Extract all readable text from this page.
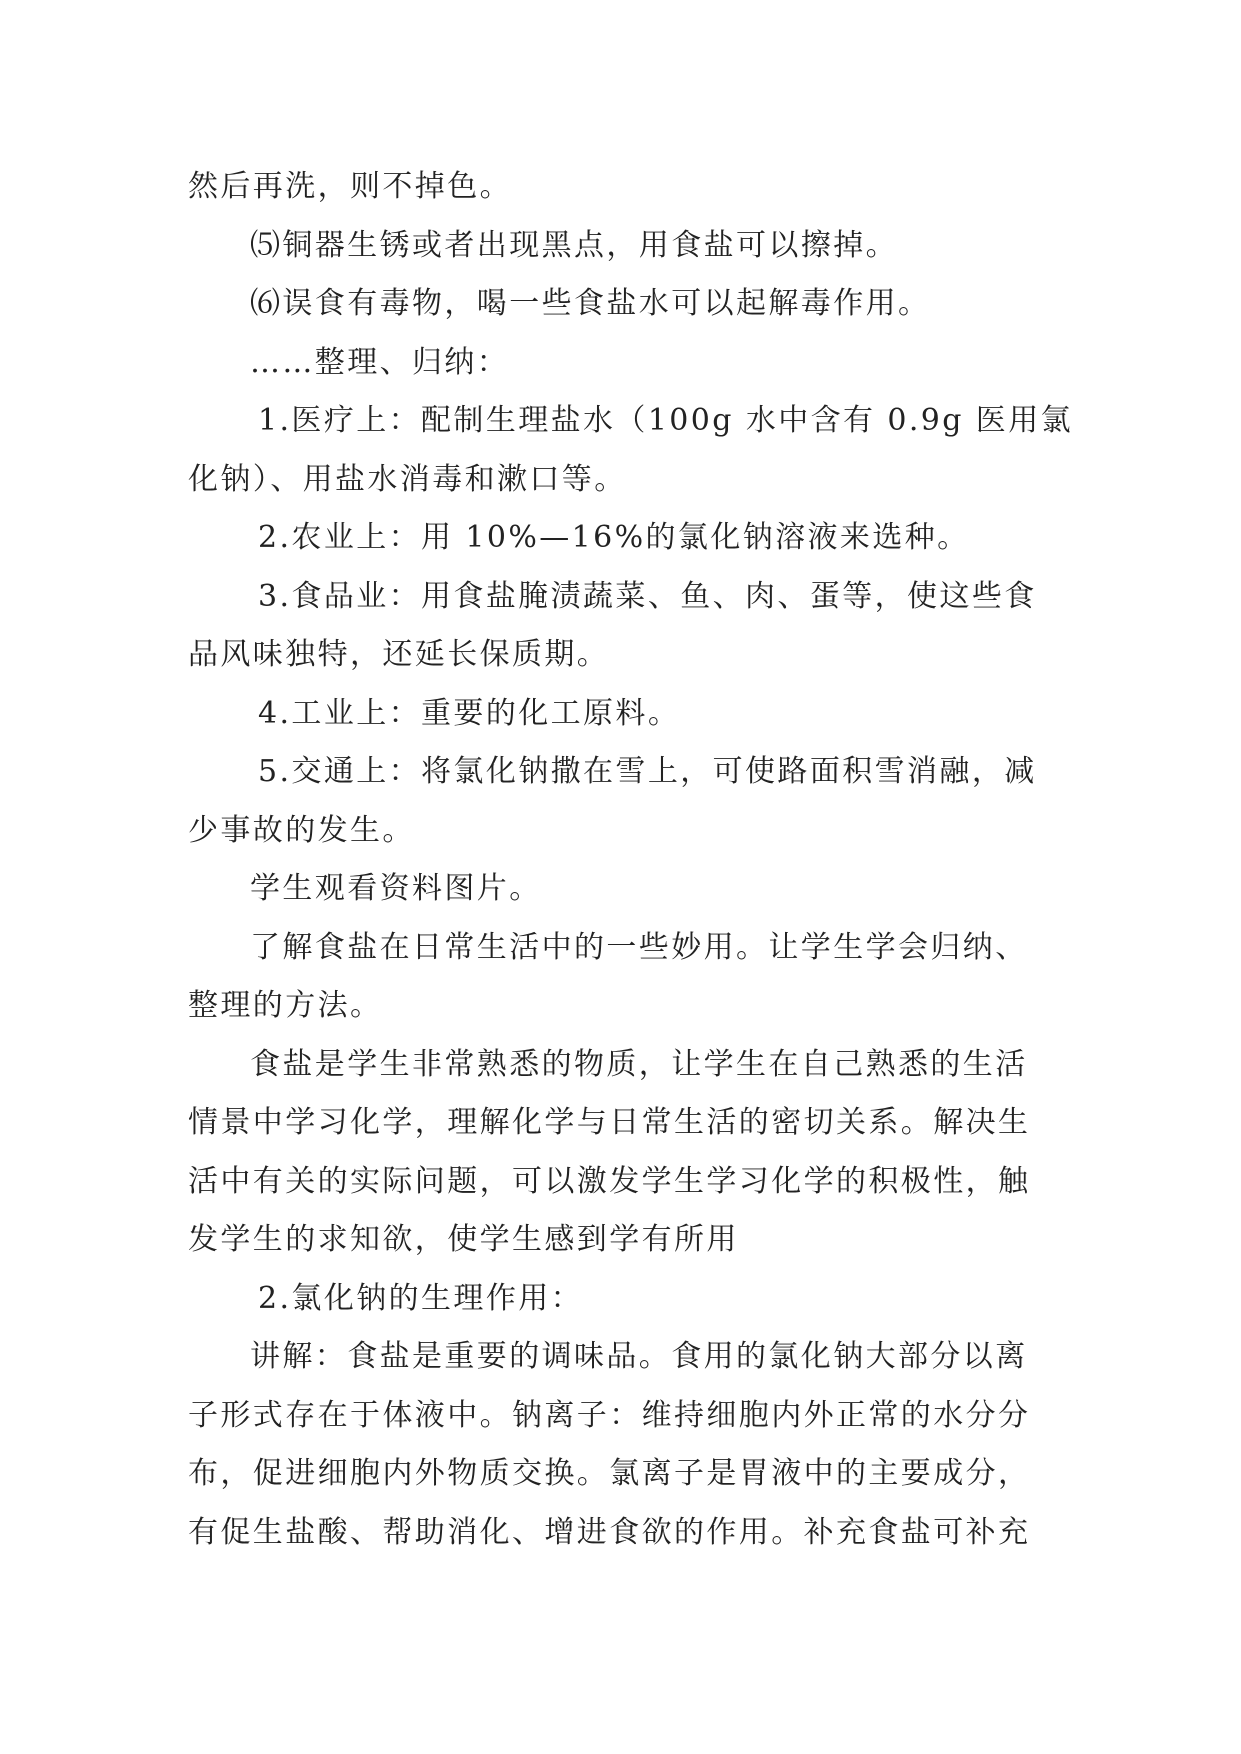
然后再洗，则不掉色。
⑸铜器生锈或者出现黑点，用食盐可以擦掉。
⑹误食有毒物，喝一些食盐水可以起解毒作用。
……整理、归纳：
1.医疗上：配制生理盐水（100g 水中含有 0.9g 医用氯
化钠）、用盐水消毒和漱口等。
2.农业上：用 10%—16%的氯化钠溶液来选种。
3.食品业：用食盐腌渍蔬菜、鱼、肉、蛋等，使这些食
品风味独特，还延长保质期。
4.工业上：重要的化工原料。
5.交通上：将氯化钠撒在雪上，可使路面积雪消融，减
少事故的发生。
学生观看资料图片。
了解食盐在日常生活中的一些妙用。让学生学会归纳、
整理的方法。
食盐是学生非常熟悉的物质，让学生在自己熟悉的生活
情景中学习化学，理解化学与日常生活的密切关系。解决生
活中有关的实际问题，可以激发学生学习化学的积极性，触
发学生的求知欲，使学生感到学有所用
2.氯化钠的生理作用：
讲解：食盐是重要的调味品。食用的氯化钠大部分以离
子形式存在于体液中。钠离子：维持细胞内外正常的水分分
布，促进细胞内外物质交换。氯离子是胃液中的主要成分，
有促生盐酸、帮助消化、增进食欲的作用。补充食盐可补充
